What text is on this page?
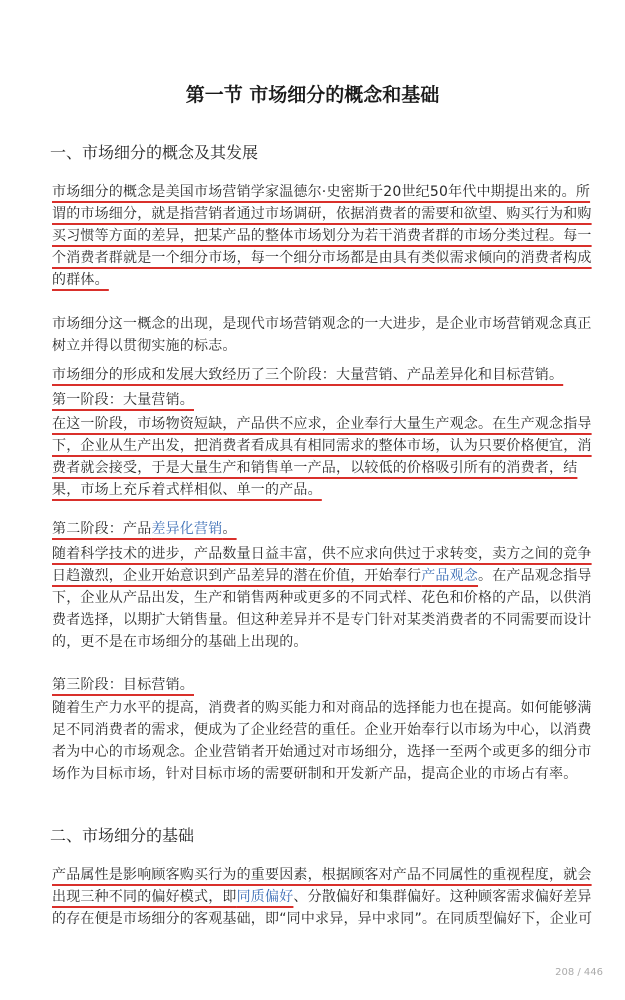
第一节 市场细分的概念和基础
一、市场细分的概念及其发展
市场细分的概念是美国市场营销学家温德尔·史密斯于20世纪50年代中期提出来的。所谓的市场细分，就是指营销者通过市场调研，依据消费者的需要和欲望、购买行为和购买习惯等方面的差异，把某产品的整体市场划分为若干消费者群的市场分类过程。每一个消费者群就是一个细分市场，每一个细分市场都是由具有类似需求倾向的消费者构成的群体。
市场细分这一概念的出现，是现代市场营销观念的一大进步，是企业市场营销观念真正树立并得以贯彻实施的标志。
市场细分的形成和发展大致经历了三个阶段：大量营销、产品差异化和目标营销。
第一阶段：大量营销。
在这一阶段，市场物资短缺，产品供不应求，企业奉行大量生产观念。在生产观念指导下，企业从生产出发，把消费者看成具有相同需求的整体市场，认为只要价格便宜，消费者就会接受，于是大量生产和销售单一产品，以较低的价格吸引所有的消费者，结果，市场上充斥着式样相似、单一的产品。
第二阶段：产品差异化营销。
随着科学技术的进步，产品数量日益丰富，供不应求向供过于求转变，卖方之间的竞争日趋激烈，企业开始意识到产品差异的潜在价值，开始奉行产品观念。在产品观念指导下，企业从产品出发，生产和销售两种或更多的不同式样、花色和价格的产品，以供消费者选择，以期扩大销售量。但这种差异并不是专门针对某类消费者的不同需要而设计的，更不是在市场细分的基础上出现的。
第三阶段：目标营销。
随着生产力水平的提高，消费者的购买能力和对商品的选择能力也在提高。如何能够满足不同消费者的需求，便成为了企业经营的重任。企业开始奉行以市场为中心，以消费者为中心的市场观念。企业营销者开始通过对市场细分，选择一至两个或更多的细分市场作为目标市场，针对目标市场的需要研制和开发新产品，提高企业的市场占有率。
二、市场细分的基础
产品属性是影响顾客购买行为的重要因素，根据顾客对产品不同属性的重视程度，就会出现三种不同的偏好模式，即同质偏好、分散偏好和集群偏好。这种顾客需求偏好差异的存在便是市场细分的客观基础，即“同中求异，异中求同”。在同质型偏好下，企业可
208 / 446
